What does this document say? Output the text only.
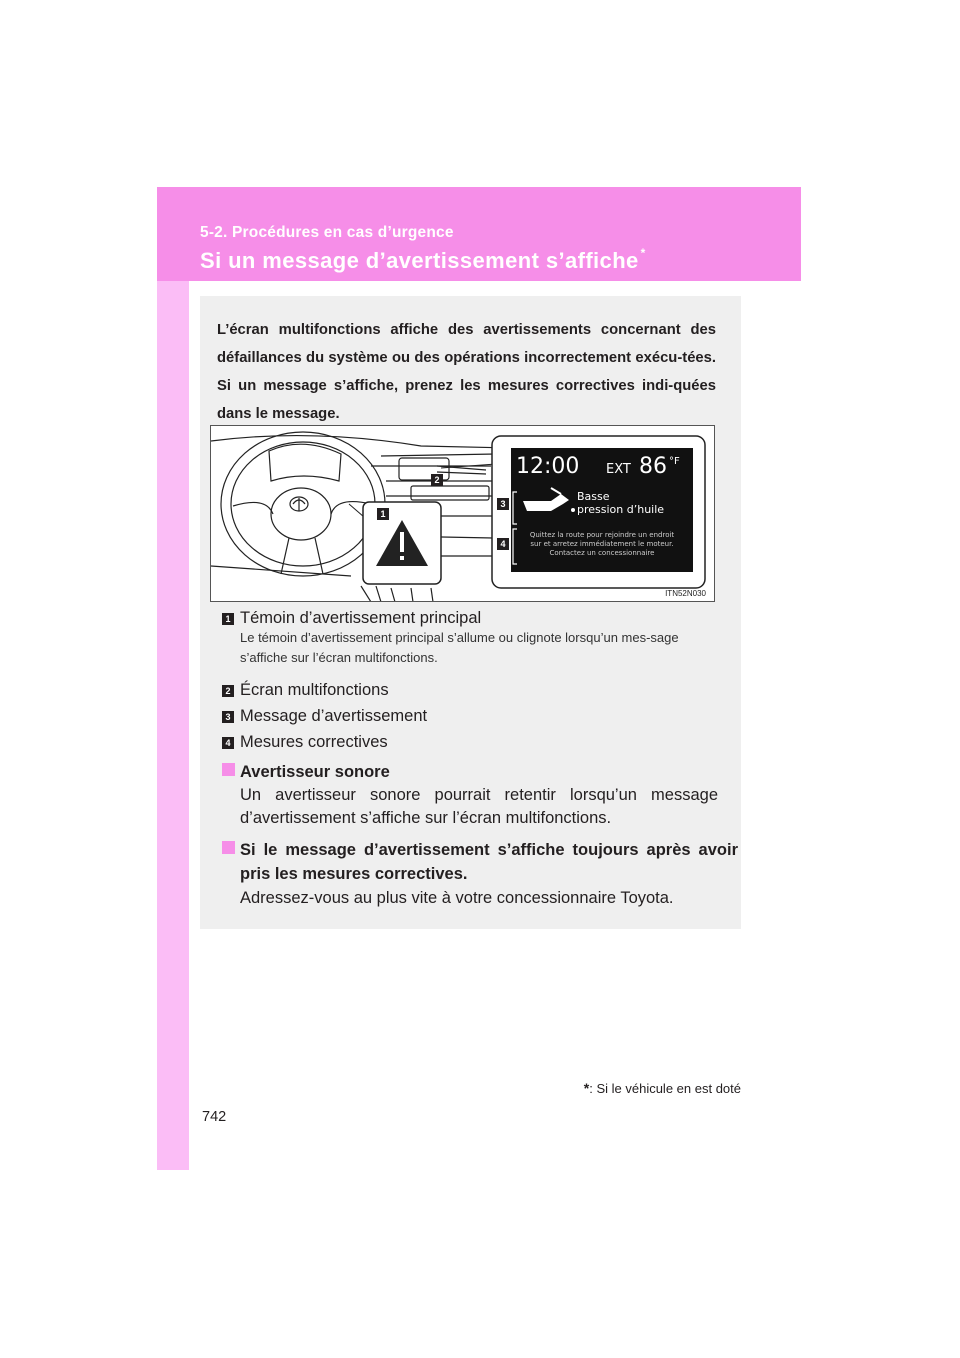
5-2. Procédures en cas d’urgence
Si un message d’avertissement s’affiche *
L’écran multifonctions affiche des avertissements concernant des défaillances du système ou des opérations incorrectement exécu-tées. Si un message s’affiche, prenez les mesures correctives indi-quées dans le message.
12:00 EXT 86 °F
Basse
pression d’huile
Quittez la route pour rejoindre un endroit
sur et arretez immédiatement le moteur.
Contactez un concessionnaire
1
2
3
4
ITN52N030
1 Témoin d’avertissement principal
Le témoin d’avertissement principal s’allume ou clignote lorsqu’un mes-sage s’affiche sur l’écran multifonctions.
2 Écran multifonctions
3 Message d’avertissement
4 Mesures correctives
Avertisseur sonore
Un avertisseur sonore pourrait retentir lorsqu’un message d’avertissement s’affiche sur l’écran multifonctions.
Si le message d’avertissement s’affiche toujours après avoir pris les mesures correctives.
Adressez-vous au plus vite à votre concessionnaire Toyota.
*: Si le véhicule en est doté
742
